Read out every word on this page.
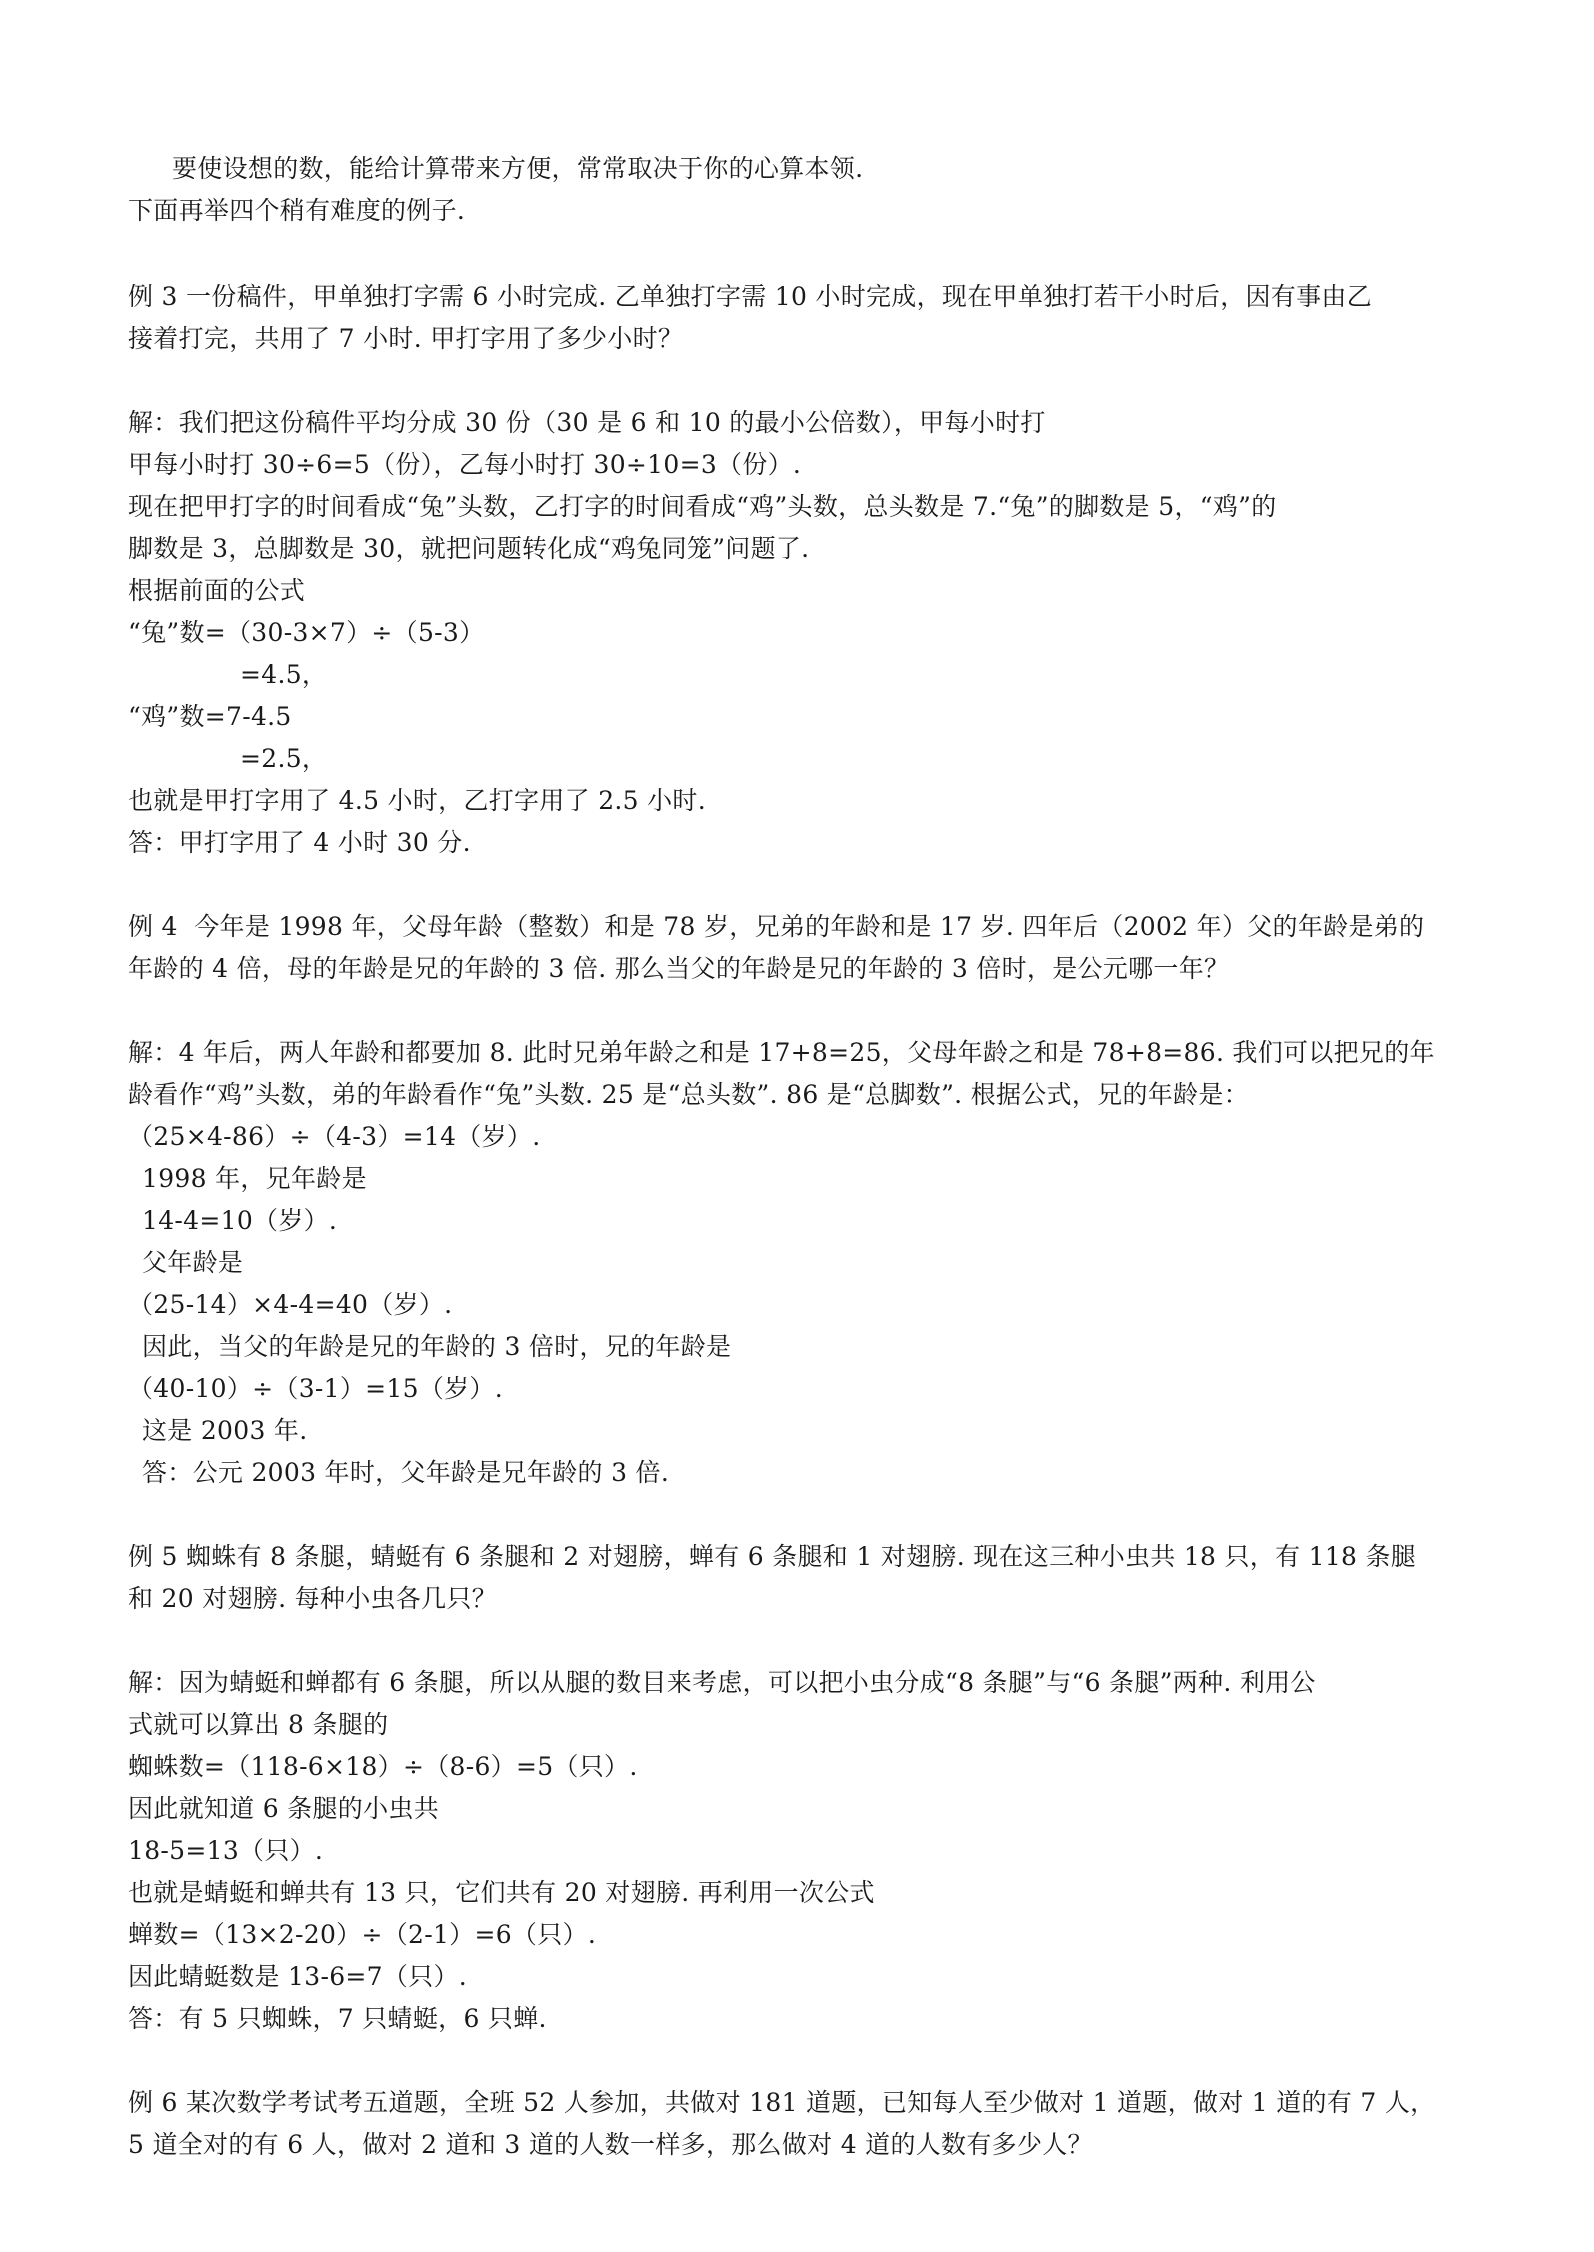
要使设想的数，能给计算带来方便，常常取决于你的心算本领.
下面再举四个稍有难度的例子.
例 3 一份稿件，甲单独打字需 6 小时完成. 乙单独打字需 10 小时完成，现在甲单独打若干小时后，因有事由乙
接着打完，共用了 7 小时. 甲打字用了多少小时？
解：我们把这份稿件平均分成 30 份（30 是 6 和 10 的最小公倍数），甲每小时打
甲每小时打 30÷6=5（份），乙每小时打 30÷10=3（份）.
现在把甲打字的时间看成“兔”头数，乙打字的时间看成“鸡”头数，总头数是 7.“兔”的脚数是 5，“鸡”的
脚数是 3，总脚数是 30，就把问题转化成“鸡兔同笼”问题了.
根据前面的公式
“兔”数=（30-3×7）÷（5-3）
=4.5，
“鸡”数=7-4.5
=2.5，
也就是甲打字用了 4.5 小时，乙打字用了 2.5 小时.
答：甲打字用了 4 小时 30 分.
例 4  今年是 1998 年，父母年龄（整数）和是 78 岁，兄弟的年龄和是 17 岁. 四年后（2002 年）父的年龄是弟的
年龄的 4 倍，母的年龄是兄的年龄的 3 倍. 那么当父的年龄是兄的年龄的 3 倍时，是公元哪一年？
解：4 年后，两人年龄和都要加 8. 此时兄弟年龄之和是 17+8=25，父母年龄之和是 78+8=86. 我们可以把兄的年
龄看作“鸡”头数，弟的年龄看作“兔”头数. 25 是“总头数”. 86 是“总脚数”. 根据公式，兄的年龄是：
（25×4-86）÷（4-3）=14（岁）.
1998 年，兄年龄是
14-4=10（岁）.
父年龄是
（25-14）×4-4=40（岁）.
因此，当父的年龄是兄的年龄的 3 倍时，兄的年龄是
（40-10）÷（3-1）=15（岁）.
这是 2003 年.
答：公元 2003 年时，父年龄是兄年龄的 3 倍.
例 5 蜘蛛有 8 条腿，蜻蜓有 6 条腿和 2 对翅膀，蝉有 6 条腿和 1 对翅膀. 现在这三种小虫共 18 只，有 118 条腿
和 20 对翅膀. 每种小虫各几只？
解：因为蜻蜓和蝉都有 6 条腿，所以从腿的数目来考虑，可以把小虫分成“8 条腿”与“6 条腿”两种. 利用公
式就可以算出 8 条腿的
蜘蛛数=（118-6×18）÷（8-6）=5（只）.
因此就知道 6 条腿的小虫共
18-5=13（只）.
也就是蜻蜓和蝉共有 13 只，它们共有 20 对翅膀. 再利用一次公式
蝉数=（13×2-20）÷（2-1）=6（只）.
因此蜻蜓数是 13-6=7（只）.
答：有 5 只蜘蛛，7 只蜻蜓，6 只蝉.
例 6 某次数学考试考五道题，全班 52 人参加，共做对 181 道题，已知每人至少做对 1 道题，做对 1 道的有 7 人，
5 道全对的有 6 人，做对 2 道和 3 道的人数一样多，那么做对 4 道的人数有多少人？
